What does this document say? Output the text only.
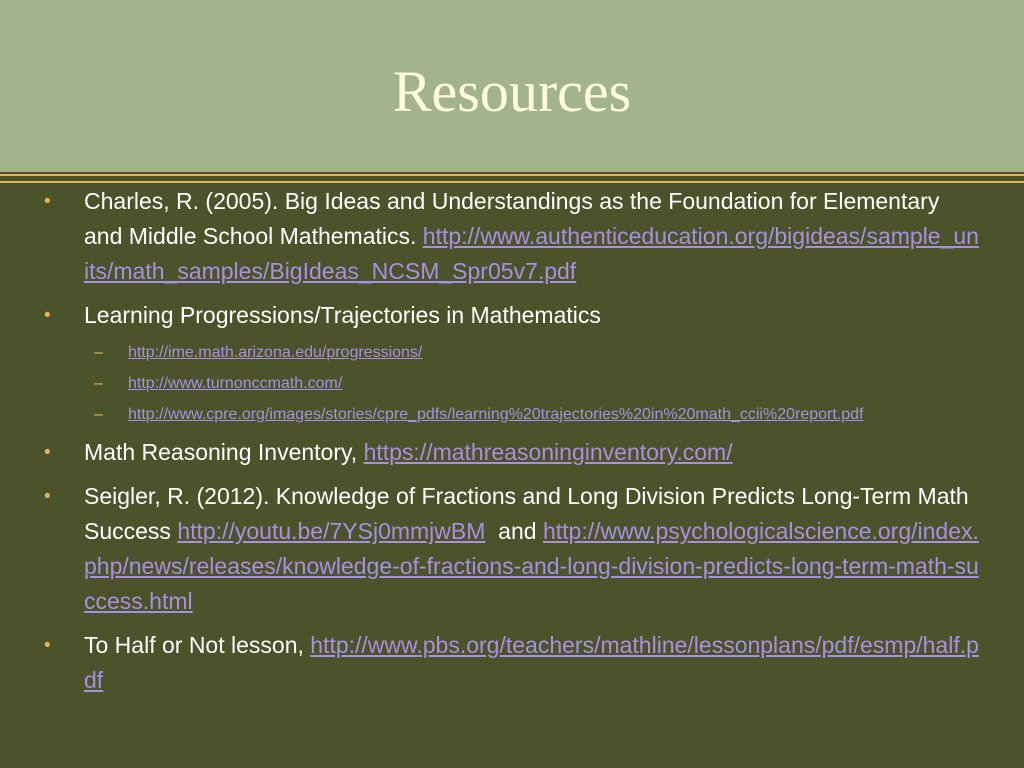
Resources
• Charles, R. (2005). Big Ideas and Understandings as the Foundation for Elementary and Middle School Mathematics. http://www.authenticeducation.org/bigideas/sample_units/math_samples/BigIdeas_NCSM_Spr05v7.pdf
• Learning Progressions/Trajectories in Mathematics
– http://ime.math.arizona.edu/progressions/
– http://www.turnonccmath.com/
– http://www.cpre.org/images/stories/cpre_pdfs/learning%20trajectories%20in%20math_ccii%20report.pdf
• Math Reasoning Inventory, https://mathreasoninginventory.com/
• Seigler, R. (2012). Knowledge of Fractions and Long Division Predicts Long-Term Math Success http://youtu.be/7YSj0mmjwBM  and http://www.psychologicalscience.org/index.php/news/releases/knowledge-of-fractions-and-long-division-predicts-long-term-math-success.html
• To Half or Not lesson, http://www.pbs.org/teachers/mathline/lessonplans/pdf/esmp/half.pdf
